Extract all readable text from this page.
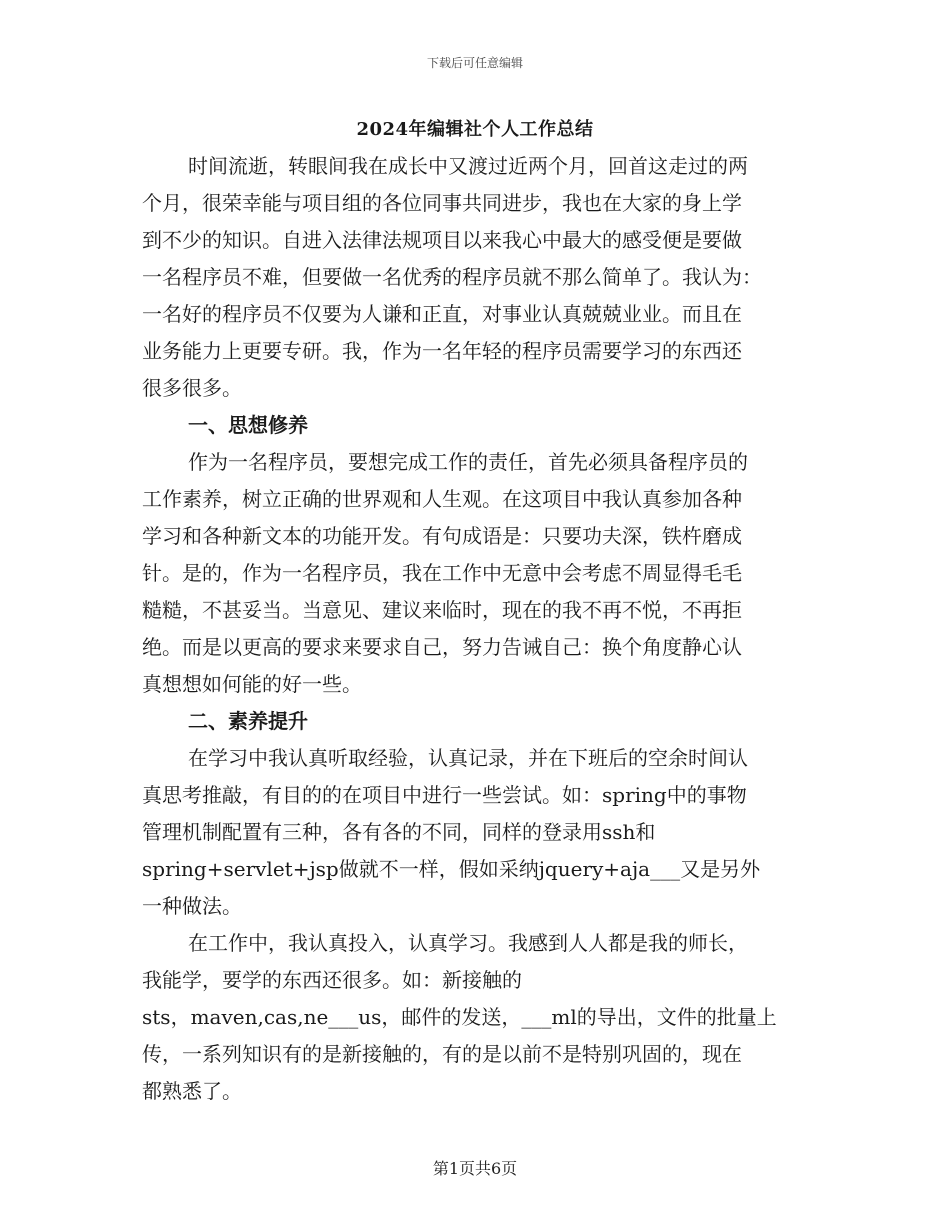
下载后可任意编辑
2024年编辑社个人工作总结
时间流逝，转眼间我在成长中又渡过近两个月，回首这走过的两
个月，很荣幸能与项目组的各位同事共同进步，我也在大家的身上学
到不少的知识。自进入法律法规项目以来我心中最大的感受便是要做
一名程序员不难，但要做一名优秀的程序员就不那么简单了。我认为：
一名好的程序员不仅要为人谦和正直，对事业认真兢兢业业。而且在
业务能力上更要专研。我，作为一名年轻的程序员需要学习的东西还
很多很多。
一、思想修养
作为一名程序员，要想完成工作的责任，首先必须具备程序员的
工作素养，树立正确的世界观和人生观。在这项目中我认真参加各种
学习和各种新文本的功能开发。有句成语是：只要功夫深，铁杵磨成
针。是的，作为一名程序员，我在工作中无意中会考虑不周显得毛毛
糙糙，不甚妥当。当意见、建议来临时，现在的我不再不悦，不再拒
绝。而是以更高的要求来要求自己，努力告诫自己：换个角度静心认
真想想如何能的好一些。
二、素养提升
在学习中我认真听取经验，认真记录，并在下班后的空余时间认
真思考推敲，有目的的在项目中进行一些尝试。如：spring中的事物
管理机制配置有三种，各有各的不同，同样的登录用ssh和
spring+servlet+jsp做就不一样，假如采纳jquery+aja___又是另外
一种做法。
在工作中，我认真投入，认真学习。我感到人人都是我的师长，
我能学，要学的东西还很多。如：新接触的
sts，maven,cas,ne___us，邮件的发送，___ml的导出，文件的批量上
传，一系列知识有的是新接触的，有的是以前不是特别巩固的，现在
都熟悉了。
第1页共6页
